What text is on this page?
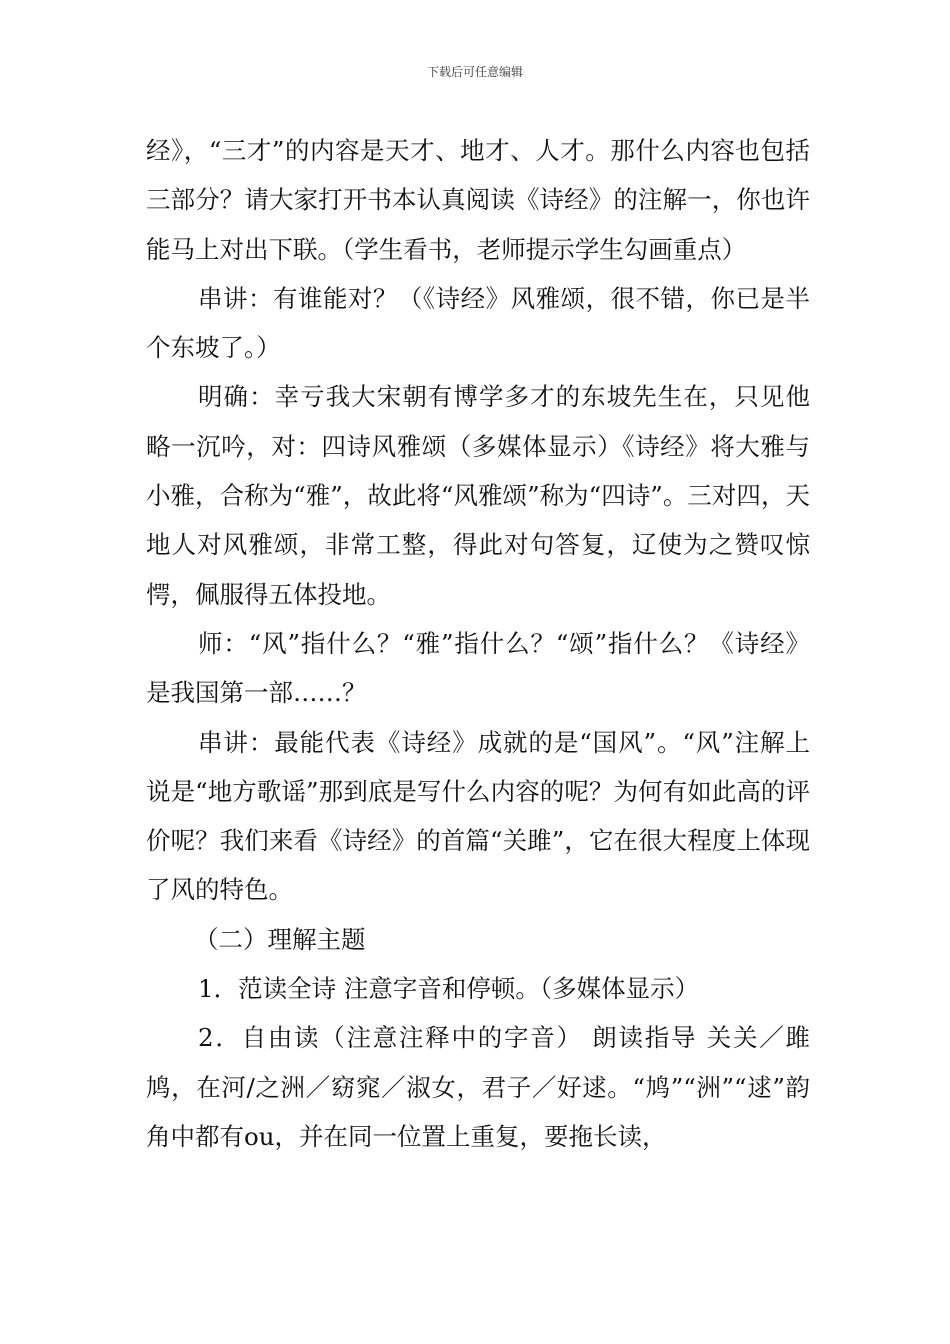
下载后可任意编辑

经》，“三才”的内容是天才、地才、人才。那什么内容也包括三部分？请大家打开书本认真阅读《诗经》的注解一，你也许能马上对出下联。（学生看书，老师提示学生勾画重点）

串讲：有谁能对？（《诗经》风雅颂，很不错，你已是半个东坡了。）

明确：幸亏我大宋朝有博学多才的东坡先生在，只见他略一沉吟，对：四诗风雅颂（多媒体显示）《诗经》将大雅与小雅，合称为“雅”，故此将“风雅颂”称为“四诗”。三对四，天地人对风雅颂，非常工整，得此对句答复，辽使为之赞叹惊愕，佩服得五体投地。

师：“风”指什么？“雅”指什么？“颂”指什么？《诗经》是我国第一部……？

串讲：最能代表《诗经》成就的是“国风”。“风”注解上说是“地方歌谣”那到底是写什么内容的呢？为何有如此高的评价呢？我们来看《诗经》的首篇“关雎”，它在很大程度上体现了风的特色。

（二）理解主题

1．范读全诗 注意字音和停顿。（多媒体显示）

2．自由读（注意注释中的字音） 朗读指导 关关／雎鸠，在河/之洲／窈窕／淑女，君子／好逑。“鸠”“洲”“逑”韵角中都有ou，并在同一位置上重复，要拖长读，
